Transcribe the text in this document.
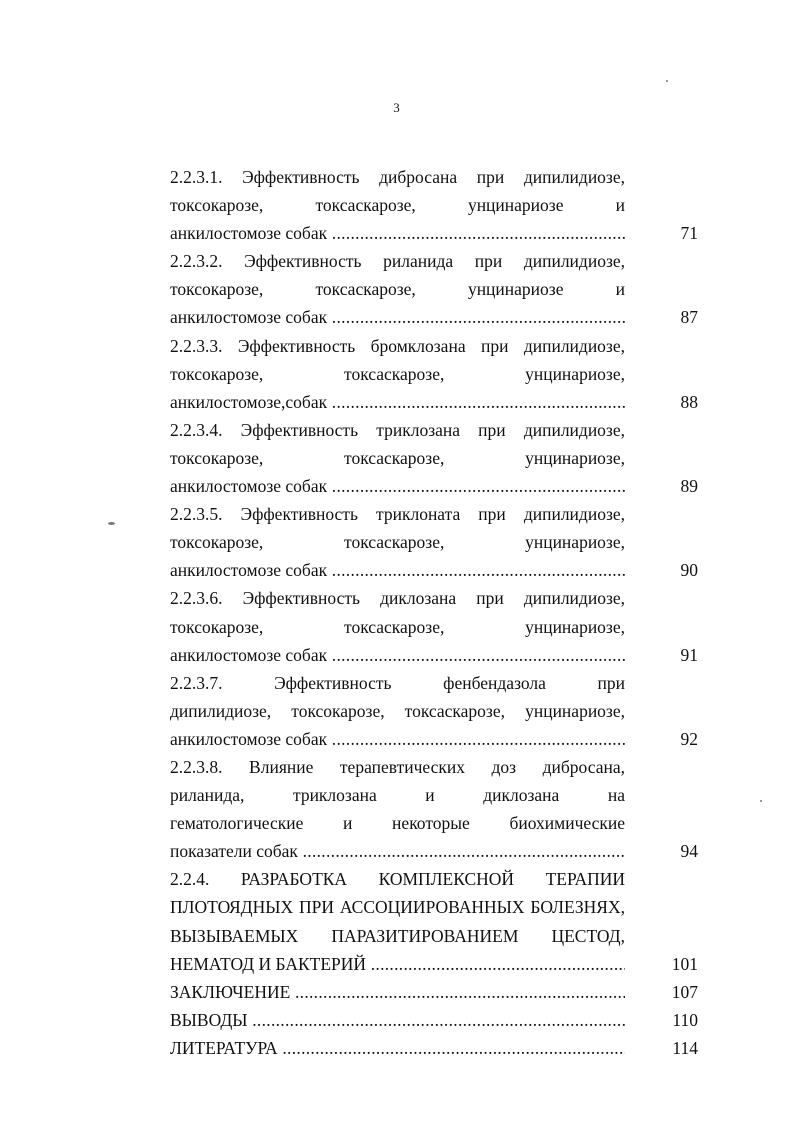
3
2.2.3.1. Эффективность дибросана при дипилидиозе,
токсокарозе, токсаскарозе, унцинариозе и
анкилостомозе собак .....	71
2.2.3.2. Эффективность риланида при дипилидиозе,
токсокарозе, токсаскарозе, унцинариозе и
анкилостомозе собак .....	87
2.2.3.3. Эффективность бромклозана при дипилидиозе,
токсокарозе, токсаскарозе, унцинариозе,
анкилостомозе,собак .....	88
2.2.3.4. Эффективность триклозана при дипилидиозе,
токсокарозе, токсаскарозе, унцинариозе,
анкилостомозе собак .....	89
2.2.3.5. Эффективность триклоната при дипилидиозе,
токсокарозе, токсаскарозе, унцинариозе,
анкилостомозе собак .....	90
2.2.3.6. Эффективность диклозана при дипилидиозе,
токсокарозе, токсаскарозе, унцинариозе,
анкилостомозе собак .....	91
2.2.3.7. Эффективность фенбендазола при
дипилидиозе, токсокарозе, токсаскарозе, унцинариозе,
анкилостомозе собак .....	92
2.2.3.8. Влияние терапевтических доз дибросана,
риланида, триклозана и диклозана на
гематологические и некоторые биохимические
показатели собак .....	94
2.2.4. РАЗРАБОТКА КОМПЛЕКСНОЙ ТЕРАПИИ
ПЛОТОЯДНЫХ ПРИ АССОЦИИРОВАННЫХ БОЛЕЗНЯХ,
ВЫЗЫВАЕМЫХ ПАРАЗИТИРОВАНИЕМ ЦЕСТОД,
НЕМАТОД И БАКТЕРИЙ .....	101
ЗАКЛЮЧЕНИЕ .....	107
ВЫВОДЫ .....	110
ЛИТЕРАТУРА .....	114
